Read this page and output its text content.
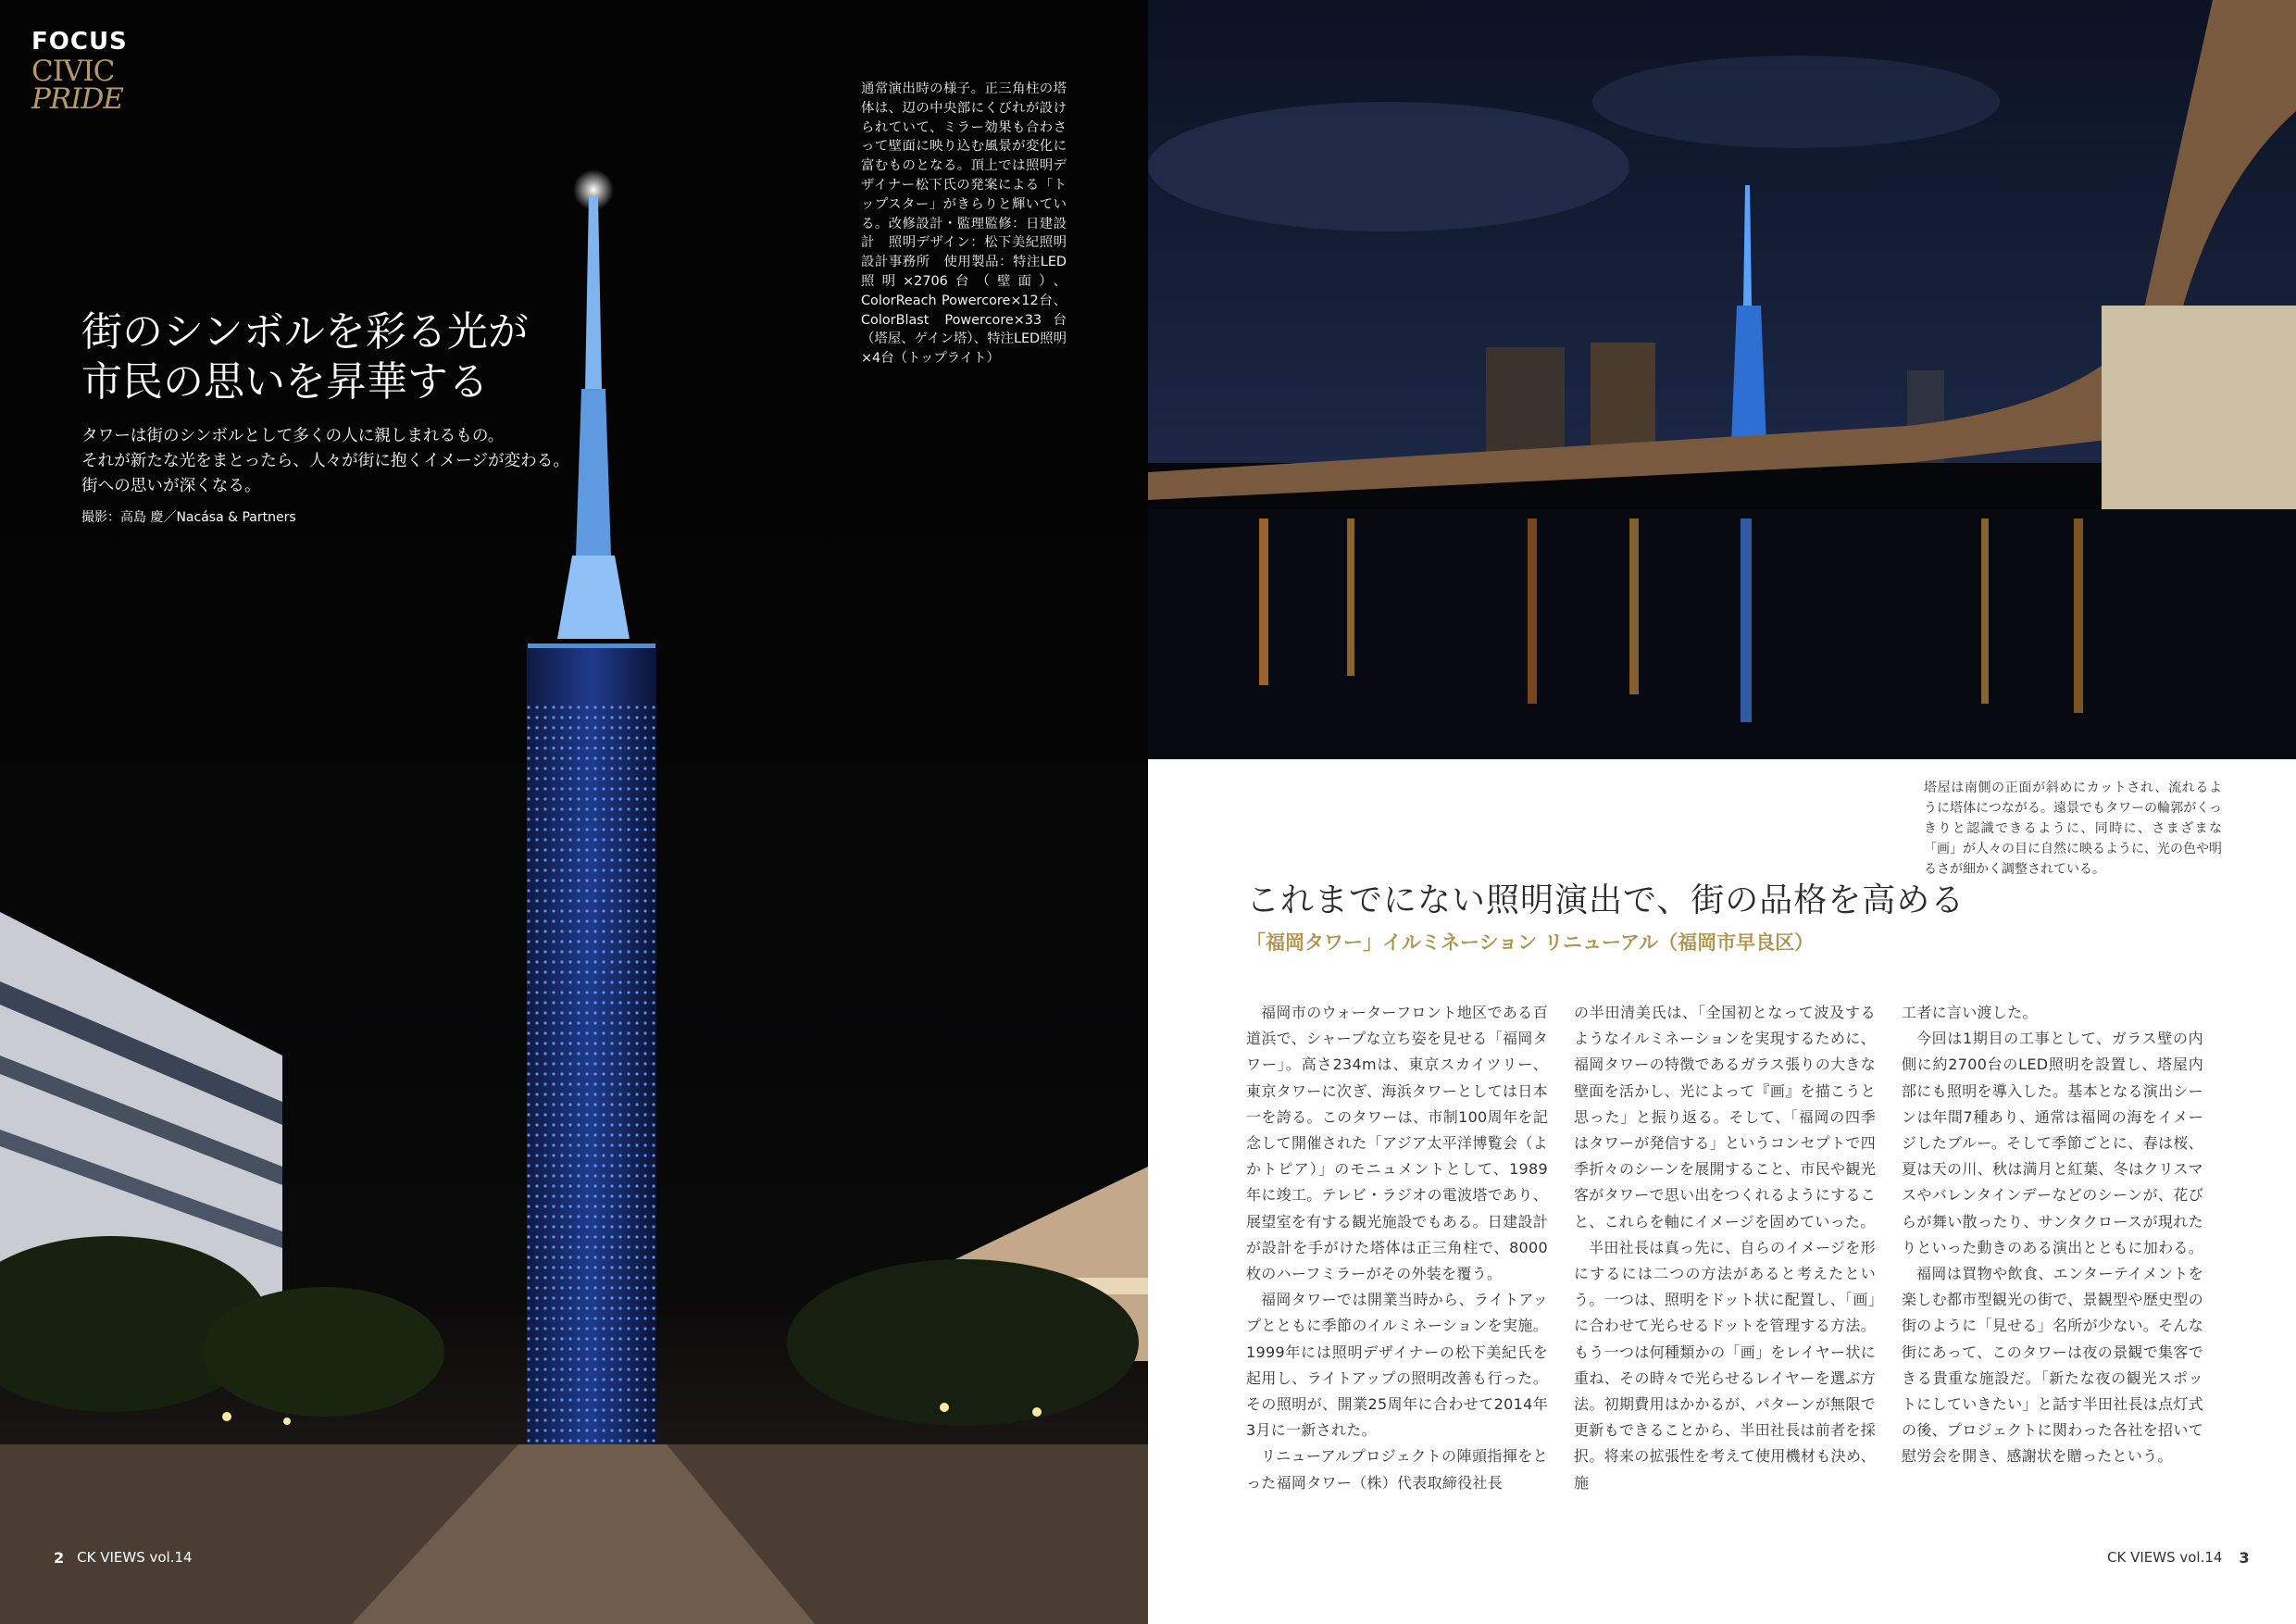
FOCUS
CIVIC
PRIDE	通常演出時の様子。正三角柱の塔体は、辺の中央部にくびれが設けられていて、ミラー効果も合わさって壁面に映り込む風景が変化に富むものとなる。頂上では照明デザイナー松下氏の発案による「トップスター」がきらりと輝いている。改修設計・監理監修：日建設計　照明デザイン：松下美紀照明設計事務所　使用製品：特注LED照明×2706台（壁面）、ColorReach Powercore×12台、ColorBlast Powercore×33台（塔屋、ゲイン塔）、特注LED照明×4台（トップライト）
街のシンボルを彩る光が
市民の思いを昇華する
タワーは街のシンボルとして多くの人に親しまれるもの。
それが新たな光をまとったら、人々が街に抱くイメージが変わる。
街への思いが深くなる。
撮影：高島 慶／Nacása & Partners
2 CK VIEWS vol.14
塔屋は南側の正面が斜めにカットされ、流れるように塔体につながる。遠景でもタワーの輪郭がくっきりと認識できるように、同時に、さまざまな「画」が人々の目に自然に映るように、光の色や明るさが細かく調整されている。
これまでにない照明演出で、街の品格を高める
「福岡タワー」イルミネーション リニューアル（福岡市早良区）

福岡市のウォーターフロント地区である百道浜で、シャープな立ち姿を見せる「福岡タワー」。高さ234mは、東京スカイツリー、東京タワーに次ぎ、海浜タワーとしては日本一を誇る。このタワーは、市制100周年を記念して開催された「アジア太平洋博覧会（よかトピア）」のモニュメントとして、1989年に竣工。テレビ・ラジオの電波塔であり、展望室を有する観光施設でもある。日建設計が設計を手がけた塔体は正三角柱で、8000枚のハーフミラーがその外装を覆う。

福岡タワーでは開業当時から、ライトアップとともに季節のイルミネーションを実施。1999年には照明デザイナーの松下美紀氏を起用し、ライトアップの照明改善も行った。その照明が、開業25周年に合わせて2014年3月に一新された。

リニューアルプロジェクトの陣頭指揮をとった福岡タワー（株）代表取締役社長

の半田清美氏は、「全国初となって波及するようなイルミネーションを実現するために、福岡タワーの特徴であるガラス張りの大きな壁面を活かし、光によって『画』を描こうと思った」と振り返る。そして、「福岡の四季はタワーが発信する」というコンセプトで四季折々のシーンを展開すること、市民や観光客がタワーで思い出をつくれるようにすること、これらを軸にイメージを固めていった。

半田社長は真っ先に、自らのイメージを形にするには二つの方法があると考えたという。一つは、照明をドット状に配置し、「画」に合わせて光らせるドットを管理する方法。もう一つは何種類かの「画」をレイヤー状に重ね、その時々で光らせるレイヤーを選ぶ方法。初期費用はかかるが、パターンが無限で更新もできることから、半田社長は前者を採択。将来の拡張性を考えて使用機材も決め、施

工者に言い渡した。

今回は1期目の工事として、ガラス壁の内側に約2700台のLED照明を設置し、塔屋内部にも照明を導入した。基本となる演出シーンは年間7種あり、通常は福岡の海をイメージしたブルー。そして季節ごとに、春は桜、夏は天の川、秋は満月と紅葉、冬はクリスマスやバレンタインデーなどのシーンが、花びらが舞い散ったり、サンタクロースが現れたりといった動きのある演出とともに加わる。

福岡は買物や飲食、エンターテイメントを楽しむ都市型観光の街で、景観型や歴史型の街のように「見せる」名所が少ない。そんな街にあって、このタワーは夜の景観で集客できる貴重な施設だ。「新たな夜の観光スポットにしていきたい」と話す半田社長は点灯式の後、プロジェクトに関わった各社を招いて慰労会を開き、感謝状を贈ったという。

CK VIEWS vol.14 3
